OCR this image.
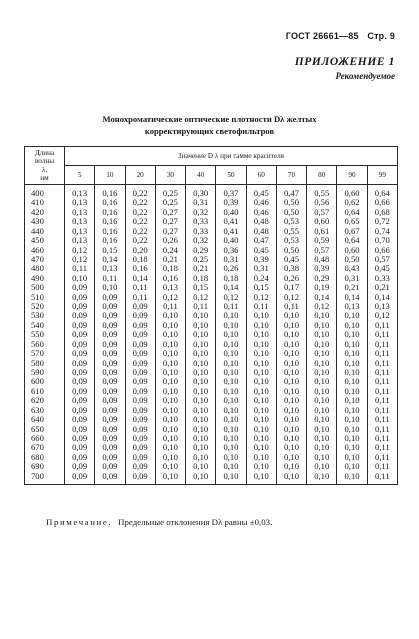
ГОСТ 26661—85 Стр. 9
ПРИЛОЖЕНИЕ 1
Рекомендуемое
Монохроматические оптические плотности Dλ желтых
корректирующих светофильтров
Длина
волны
λ,
нм	Значение D λ при гамме красителя										
	5	10	20	30	40	50	60	70	80	90	99
400	0,13	0,16	0,22	0,25	0,30	0,37	0,45	0,47	0,55	0,60	0,64
410	0,13	0,16	0,22	0,25	0,31	0,39	0,46	0,50	0,56	0,62	0,66
420	0,13	0,16	0,22	0,27	0,32	0,40	0,46	0,50	0,57	0,64	0,68
430	0,13	0,16	0,22	0,27	0,33	0,41	0,48	0,53	0,60	0,65	0,72
440	0,13	0,16	0,22	0,27	0,33	0,41	0,48	0,55	0,61	0,67	0,74
450	0,13	0,16	0,22	0,26	0,32	0,40	0,47	0,53	0,59	0,64	0,70
460	0,12	0,15	0,20	0,24	0,29	0,36	0,45	0,50	0,57	0,60	0,66
470	0,12	0,14	0,18	0,21	0,25	0,31	0,39	0,45	0,48	0,50	0,57
480	0,11	0,13	0,16	0,18	0,21	0,26	0,31	0,38	0,39	0,43	0,45
490	0,10	0,11	0,14	0,16	0,18	0,18	0,24	0,26	0,29	0,31	0,33
500	0,09	0,10	0,11	0,13	0,15	0,14	0,15	0,17	0,19	0,21	0,21
510	0,09	0,09	0,11	0,12	0,12	0,12	0,12	0,12	0,14	0,14	0,14
520	0,09	0,09	0,09	0,11	0,11	0,11	0,11	0,11	0,12	0,13	0,13
530	0,09	0,09	0,09	0,10	0,10	0,10	0,10	0,10	0,10	0,10	0,12
540	0,09	0,09	0,09	0,10	0,10	0,10	0,10	0,10	0,10	0,10	0,11
550	0,09	0,09	0,09	0,10	0,10	0,10	0,10	0,10	0,10	0,10	0,11
560	0,09	0,09	0,09	0,10	0,10	0,10	0,10	0,10	0,10	0,10	0,11
570	0,09	0,09	0,09	0,10	0,10	0,10	0,10	0,10	0,10	0,10	0,11
580	0,09	0,09	0,09	0,10	0,10	0,10	0,10	0,10	0,10	0,10	0,11
590	0,09	0,09	0,09	0,10	0,10	0,10	0,10	0,10	0,10	0,10	0,11
600	0,09	0,09	0,09	0,10	0,10	0,10	0,10	0,10	0,10	0,10	0,11
610	0,09	0,09	0,09	0,10	0,10	0,10	0,10	0,10	0,10	0,10	0,11
620	0,09	0,09	0,09	0,10	0,10	0,10	0,10	0,10	0,10	0,10	0,11
630	0,09	0,09	0,09	0,10	0,10	0,10	0,10	0,10	0,10	0,10	0,11
640	0,09	0,09	0,09	0,10	0,10	0,10	0,10	0,10	0,10	0,10	0,11
650	0,09	0,09	0,09	0,10	0,10	0,10	0,10	0,10	0,10	0,10	0,11
660	0,09	0,09	0,09	0,10	0,10	0,10	0,10	0,10	0,10	0,10	0,11
670	0,09	0,09	0,09	0,10	0,10	0,10	0,10	0,10	0,10	0,10	0,11
680	0,09	0,09	0,09	0,10	0,10	0,10	0,10	0,10	0,10	0,10	0,11
690	0,09	0,09	0,09	0,10	0,10	0,10	0,10	0,10	0,10	0,10	0,11
700	0,09	0,09	0,09	0,10	0,10	0,10	0,10	0,10	0,10	0,10	0,11
Примечание. Предельные отклонения Dλ равны ±0,03.
